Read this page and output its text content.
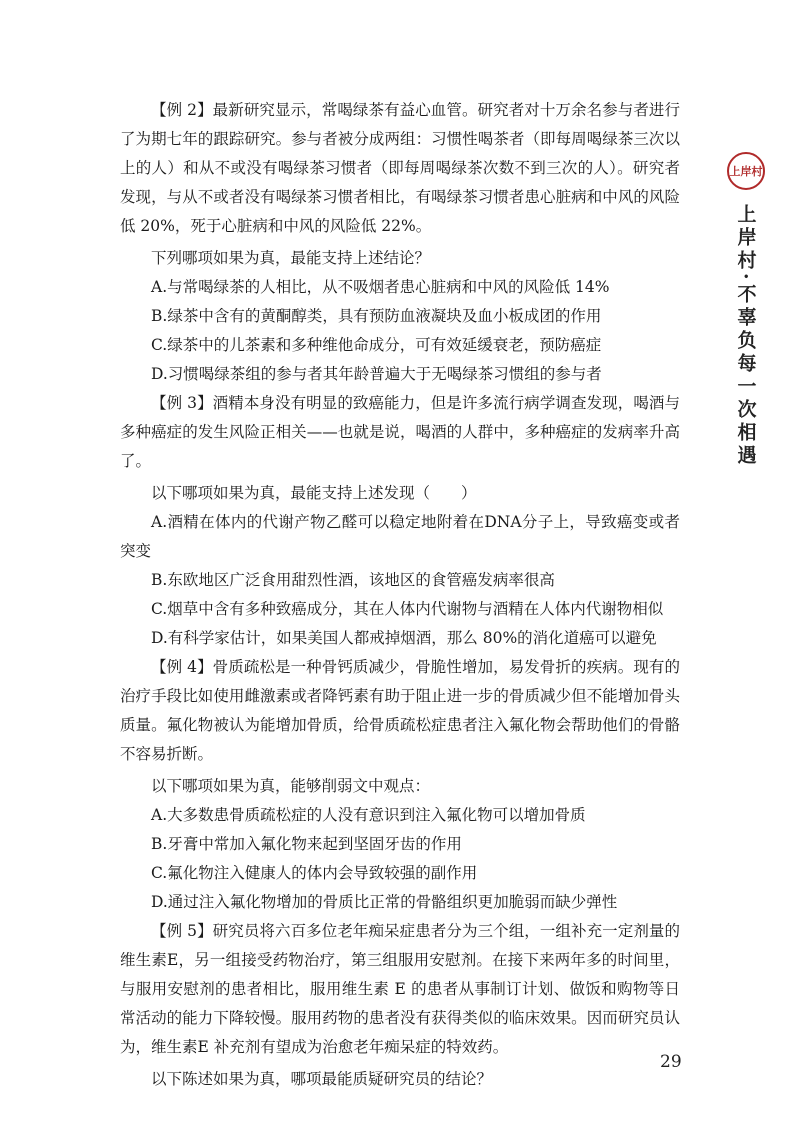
【例 2】最新研究显示，常喝绿茶有益心血管。研究者对十万余名参与者进行了为期七年的跟踪研究。参与者被分成两组：习惯性喝茶者（即每周喝绿茶三次以上的人）和从不或没有喝绿茶习惯者（即每周喝绿茶次数不到三次的人）。研究者发现，与从不或者没有喝绿茶习惯者相比，有喝绿茶习惯者患心脏病和中风的风险低 20%，死于心脏病和中风的风险低 22%。

下列哪项如果为真，最能支持上述结论？

A.与常喝绿茶的人相比，从不吸烟者患心脏病和中风的风险低 14%

B.绿茶中含有的黄酮醇类，具有预防血液凝块及血小板成团的作用

C.绿茶中的儿茶素和多种维他命成分，可有效延缓衰老，预防癌症

D.习惯喝绿茶组的参与者其年龄普遍大于无喝绿茶习惯组的参与者

【例 3】酒精本身没有明显的致癌能力，但是许多流行病学调查发现，喝酒与多种癌症的发生风险正相关——也就是说，喝酒的人群中，多种癌症的发病率升高了。

以下哪项如果为真，最能支持上述发现（　　）

A.酒精在体内的代谢产物乙醛可以稳定地附着在DNA分子上，导致癌变或者突变

B.东欧地区广泛食用甜烈性酒，该地区的食管癌发病率很高

C.烟草中含有多种致癌成分，其在人体内代谢物与酒精在人体内代谢物相似

D.有科学家估计，如果美国人都戒掉烟酒，那么 80%的消化道癌可以避免

【例 4】骨质疏松是一种骨钙质减少，骨脆性增加，易发骨折的疾病。现有的治疗手段比如使用雌激素或者降钙素有助于阻止进一步的骨质减少但不能增加骨头质量。氟化物被认为能增加骨质，给骨质疏松症患者注入氟化物会帮助他们的骨骼不容易折断。

以下哪项如果为真，能够削弱文中观点：

A.大多数患骨质疏松症的人没有意识到注入氟化物可以增加骨质

B.牙膏中常加入氟化物来起到坚固牙齿的作用

C.氟化物注入健康人的体内会导致较强的副作用

D.通过注入氟化物增加的骨质比正常的骨骼组织更加脆弱而缺少弹性

【例 5】研究员将六百多位老年痴呆症患者分为三个组，一组补充一定剂量的维生素E，另一组接受药物治疗，第三组服用安慰剂。在接下来两年多的时间里，与服用安慰剂的患者相比，服用维生素 E 的患者从事制订计划、做饭和购物等日常活动的能力下降较慢。服用药物的患者没有获得类似的临床效果。因而研究员认为，维生素E 补充剂有望成为治愈老年痴呆症的特效药。

以下陈述如果为真，哪项最能质疑研究员的结论？

上岸村
上岸村·不辜负每一次相遇
29
